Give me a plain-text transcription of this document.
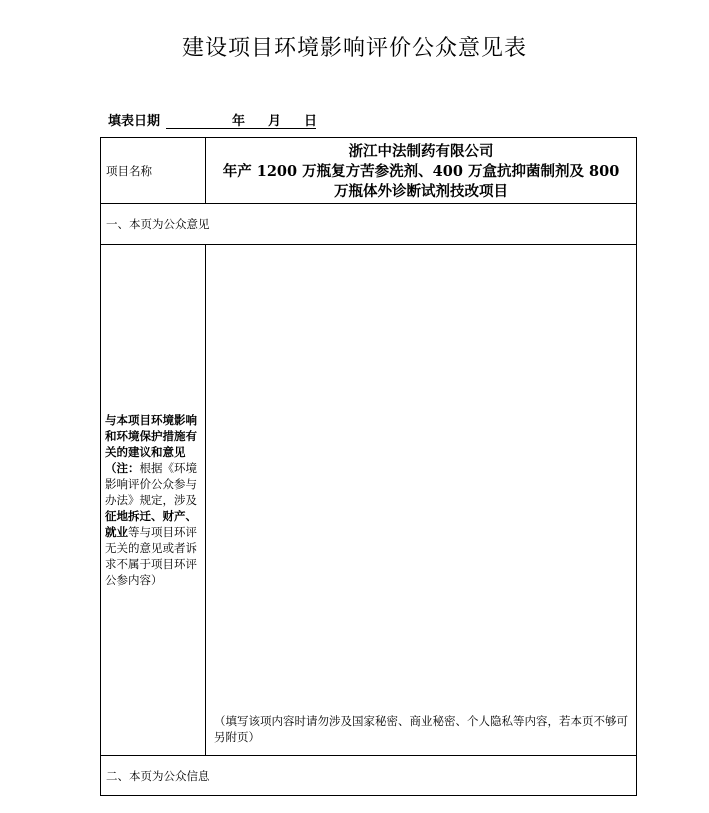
建设项目环境影响评价公众意见表
填表日期	年 月 日
项目名称
浙江中法制药有限公司
年产 1200 万瓶复方苦参洗剂、400 万盒抗抑菌制剂及 800
万瓶体外诊断试剂技改项目
一、本页为公众意见
与本项目环境影响和环境保护措施有关的建议和意见（注：根据《环境影响评价公众参与办法》规定，涉及征地拆迁、财产、就业等与项目环评无关的意见或者诉求不属于项目环评公参内容）
（填写该项内容时请勿涉及国家秘密、商业秘密、个人隐私等内容，若本页不够可另附页）
二、本页为公众信息
